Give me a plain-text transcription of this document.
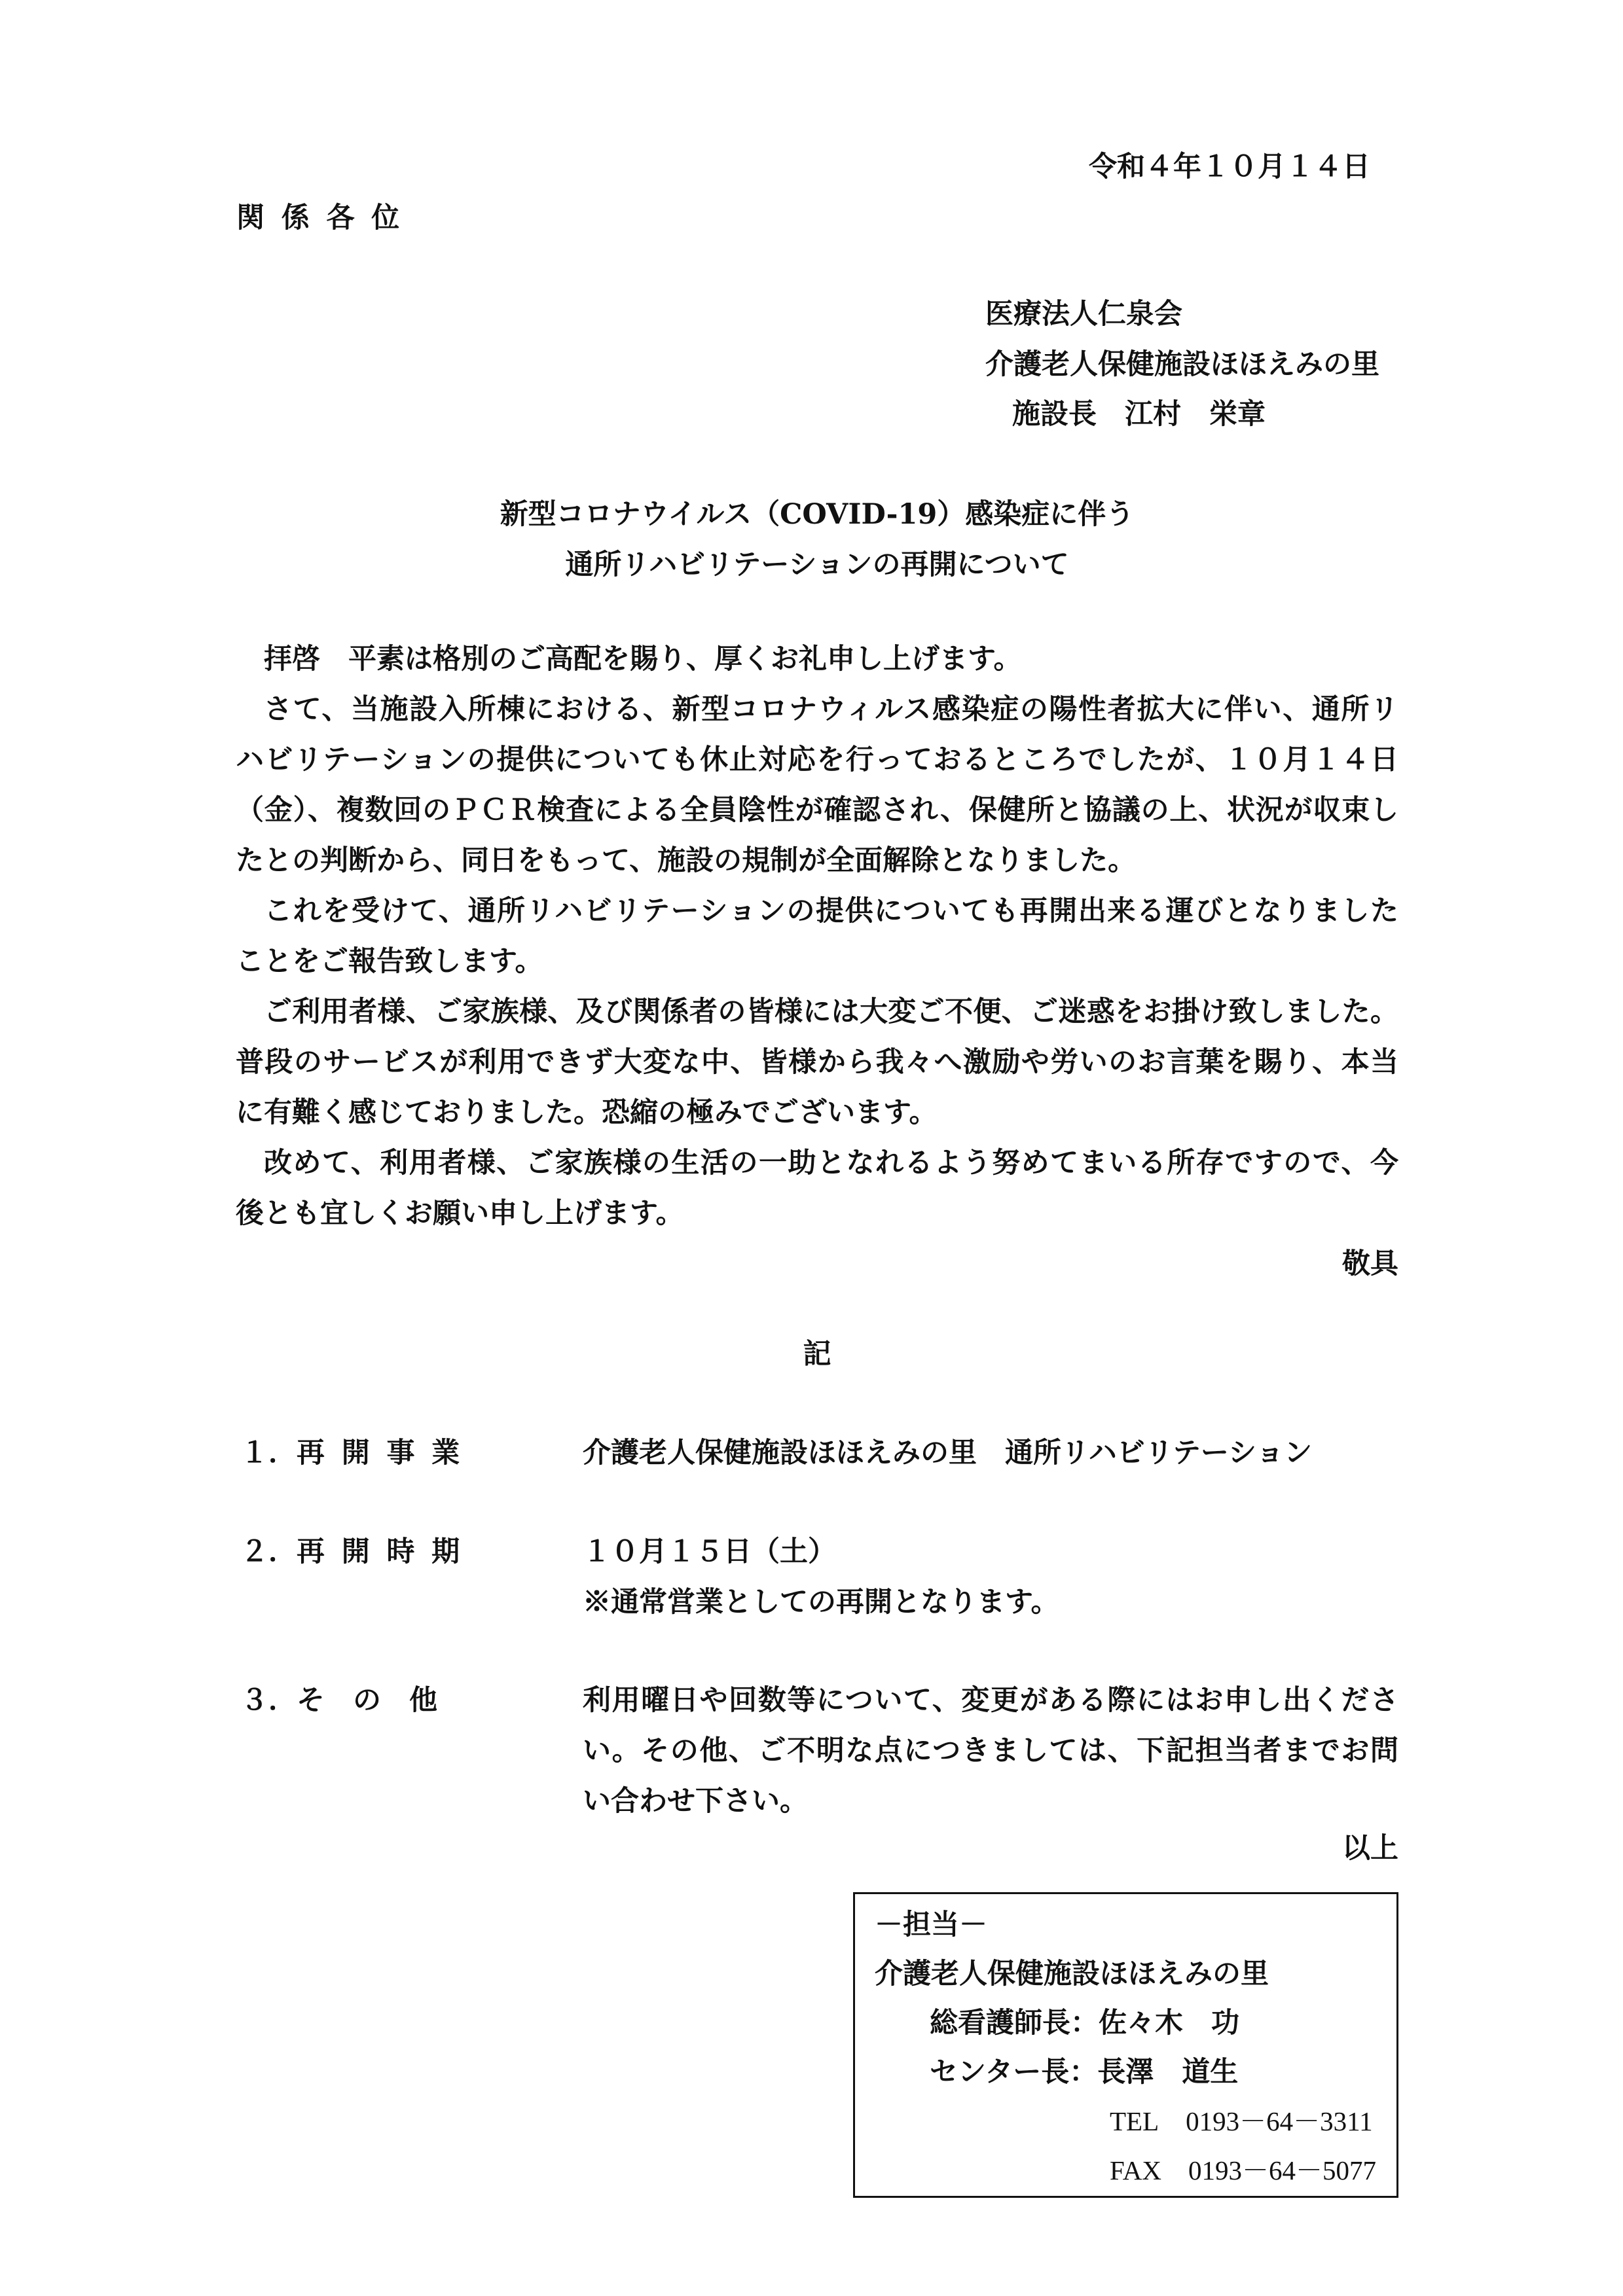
令和４年１０月１４日
関 係 各 位
医療法人仁泉会
介護老人保健施設ほほえみの里
施設長　江村　栄章
新型コロナウイルス（COVID-19）感染症に伴う
通所リハビリテーションの再開について
拝啓　平素は格別のご高配を賜り、厚くお礼申し上げます。
さて、当施設入所棟における、新型コロナウィルス感染症の陽性者拡大に伴い、通所リ
ハビリテーションの提供についても休止対応を行っておるところでしたが、１０月１４日
（金）、複数回のＰＣＲ検査による全員陰性が確認され、保健所と協議の上、状況が収束し
たとの判断から、同日をもって、施設の規制が全面解除となりました。
これを受けて、通所リハビリテーションの提供についても再開出来る運びとなりました
ことをご報告致します。
ご利用者様、ご家族様、及び関係者の皆様には大変ご不便、ご迷惑をお掛け致しました。
普段のサービスが利用できず大変な中、皆様から我々へ激励や労いのお言葉を賜り、本当
に有難く感じておりました。恐縮の極みでございます。
改めて、利用者様、ご家族様の生活の一助となれるよう努めてまいる所存ですので、今
後とも宜しくお願い申し上げます。
敬具
記
１．再 開 事 業	介護老人保健施設ほほえみの里　通所リハビリテーション
２．再 開 時 期	１０月１５日（土）
※通常営業としての再開となります。
３．そ　の　他	利用曜日や回数等について、変更がある際にはお申し出くださ
い。その他、ご不明な点につきましては、下記担当者までお問
い合わせ下さい。
以上
－担当－
介護老人保健施設ほほえみの里
総看護師長：佐々木　功
センター長：長澤　道生
TEL 0193－64－3311
FAX 0193－64－5077
